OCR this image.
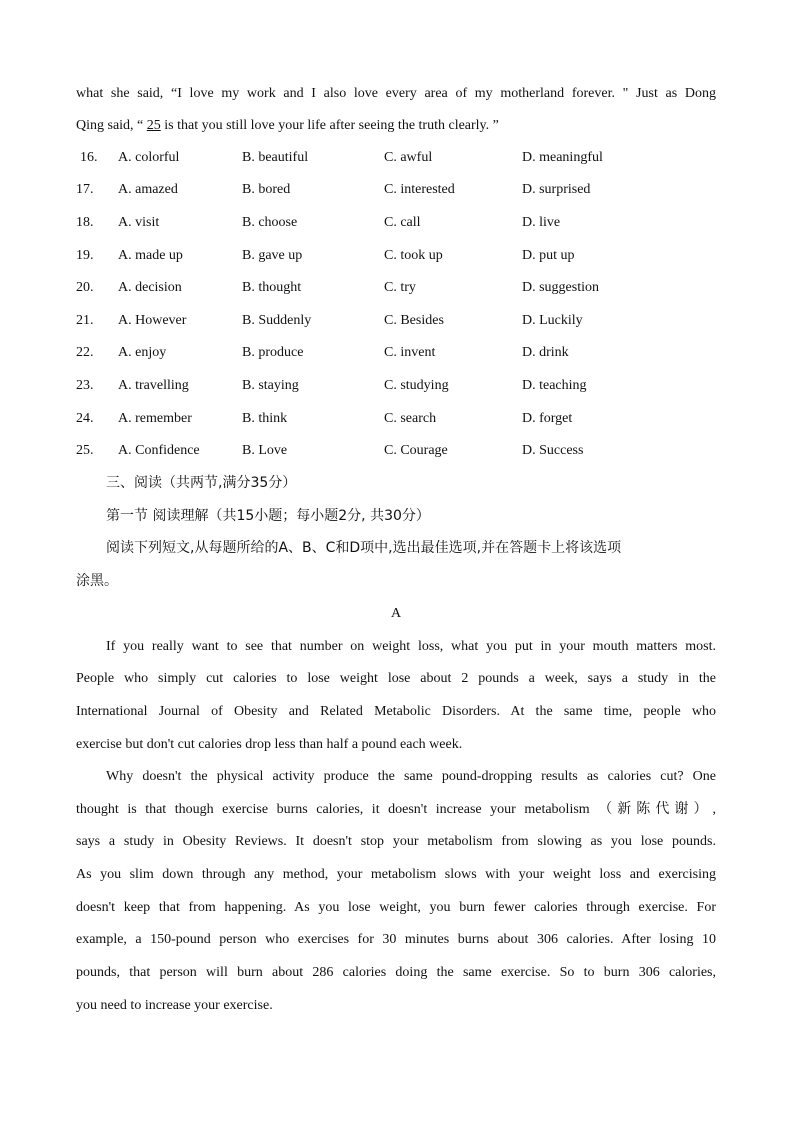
what she said, “I love my work and I also love every area of my motherland forever. " Just as Dong
Qing said, “ 25 is that you still love your life after seeing the truth clearly. ”
16. A. colorful	B. beautiful	C. awful	D. meaningful
17. A. amazed	B. bored	C. interested	D. surprised
18. A. visit	B. choose	C. call	D. live
19. A. made up	B. gave up	C. took up	D. put up
20. A. decision	B. thought	C. try	D. suggestion
21. A. However	B. Suddenly	C. Besides	D. Luckily
22. A. enjoy	B. produce	C. invent	D. drink
23. A. travelling	B. staying	C. studying	D. teaching
24. A. remember	B. think	C. search	D. forget
25. A. Confidence	B. Love	C. Courage	D. Success
三、阅读（共两节,满分35分）
第一节 阅读理解（共15小题；每小题2分, 共30分）
阅读下列短文,从每题所给的A、B、C和D项中,选出最佳选项,并在答题卡上将该选项
涂黑。
A
If you really want to see that number on weight loss, what you put in your mouth matters most.
People who simply cut calories to lose weight lose about 2 pounds a week, says a study in the
International Journal of Obesity and Related Metabolic Disorders. At the same time, people who
exercise but don't cut calories drop less than half a pound each week.
Why doesn't the physical activity produce the same pound-dropping results as calories cut? One
thought is that though exercise burns calories, it doesn't increase your metabolism （新陈代谢）,
says a study in Obesity Reviews. It doesn't stop your metabolism from slowing as you lose pounds.
As you slim down through any method, your metabolism slows with your weight loss and exercising
doesn't keep that from happening. As you lose weight, you burn fewer calories through exercise. For
example, a 150-pound person who exercises for 30 minutes burns about 306 calories. After losing 10
pounds, that person will burn about 286 calories doing the same exercise. So to burn 306 calories,
you need to increase your exercise.
